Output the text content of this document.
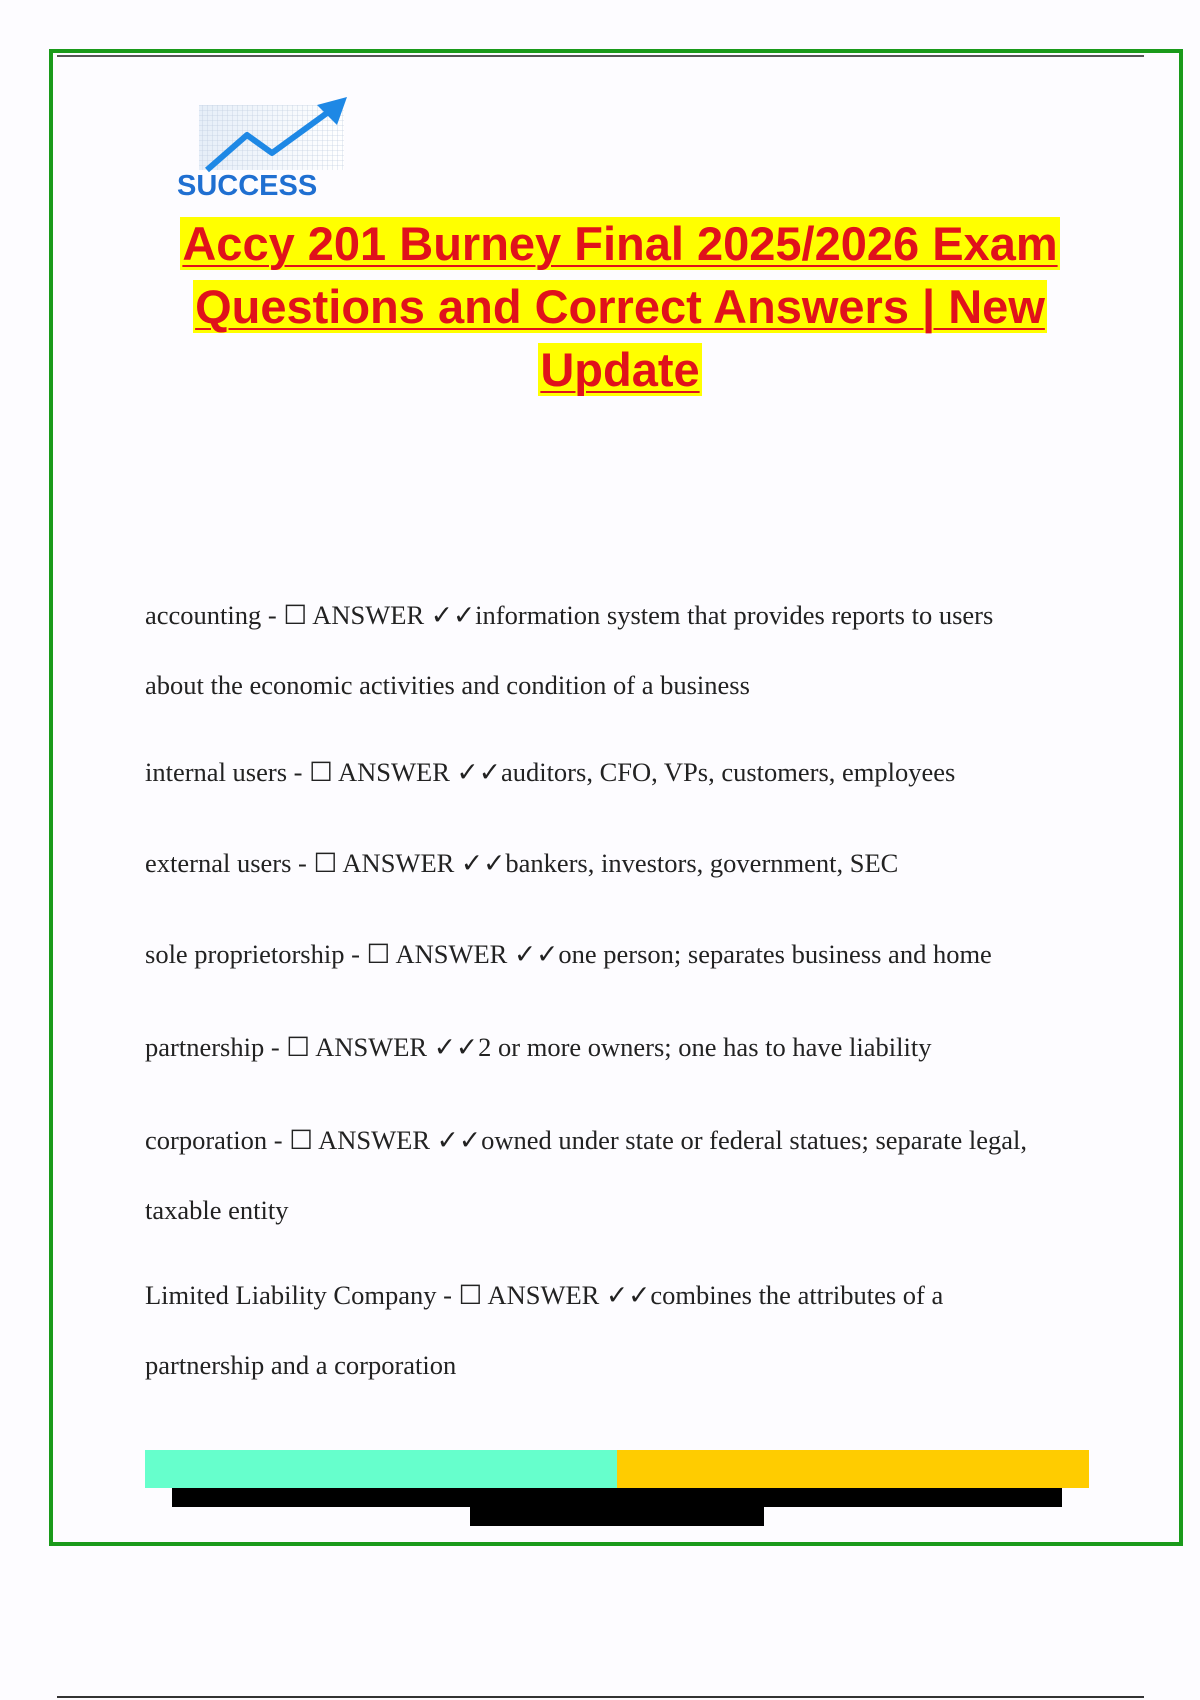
SUCCESS
Accy 201 Burney Final 2025/2026 Exam
Questions and Correct Answers | New
Update
accounting - ☐ ANSWER ✓✓information system that provides reports to users
about the economic activities and condition of a business
internal users - ☐ ANSWER ✓✓auditors, CFO, VPs, customers, employees
external users - ☐ ANSWER ✓✓bankers, investors, government, SEC
sole proprietorship - ☐ ANSWER ✓✓one person; separates business and home
partnership - ☐ ANSWER ✓✓2 or more owners; one has to have liability
corporation - ☐ ANSWER ✓✓owned under state or federal statues; separate legal,
taxable entity
Limited Liability Company - ☐ ANSWER ✓✓combines the attributes of a
partnership and a corporation
